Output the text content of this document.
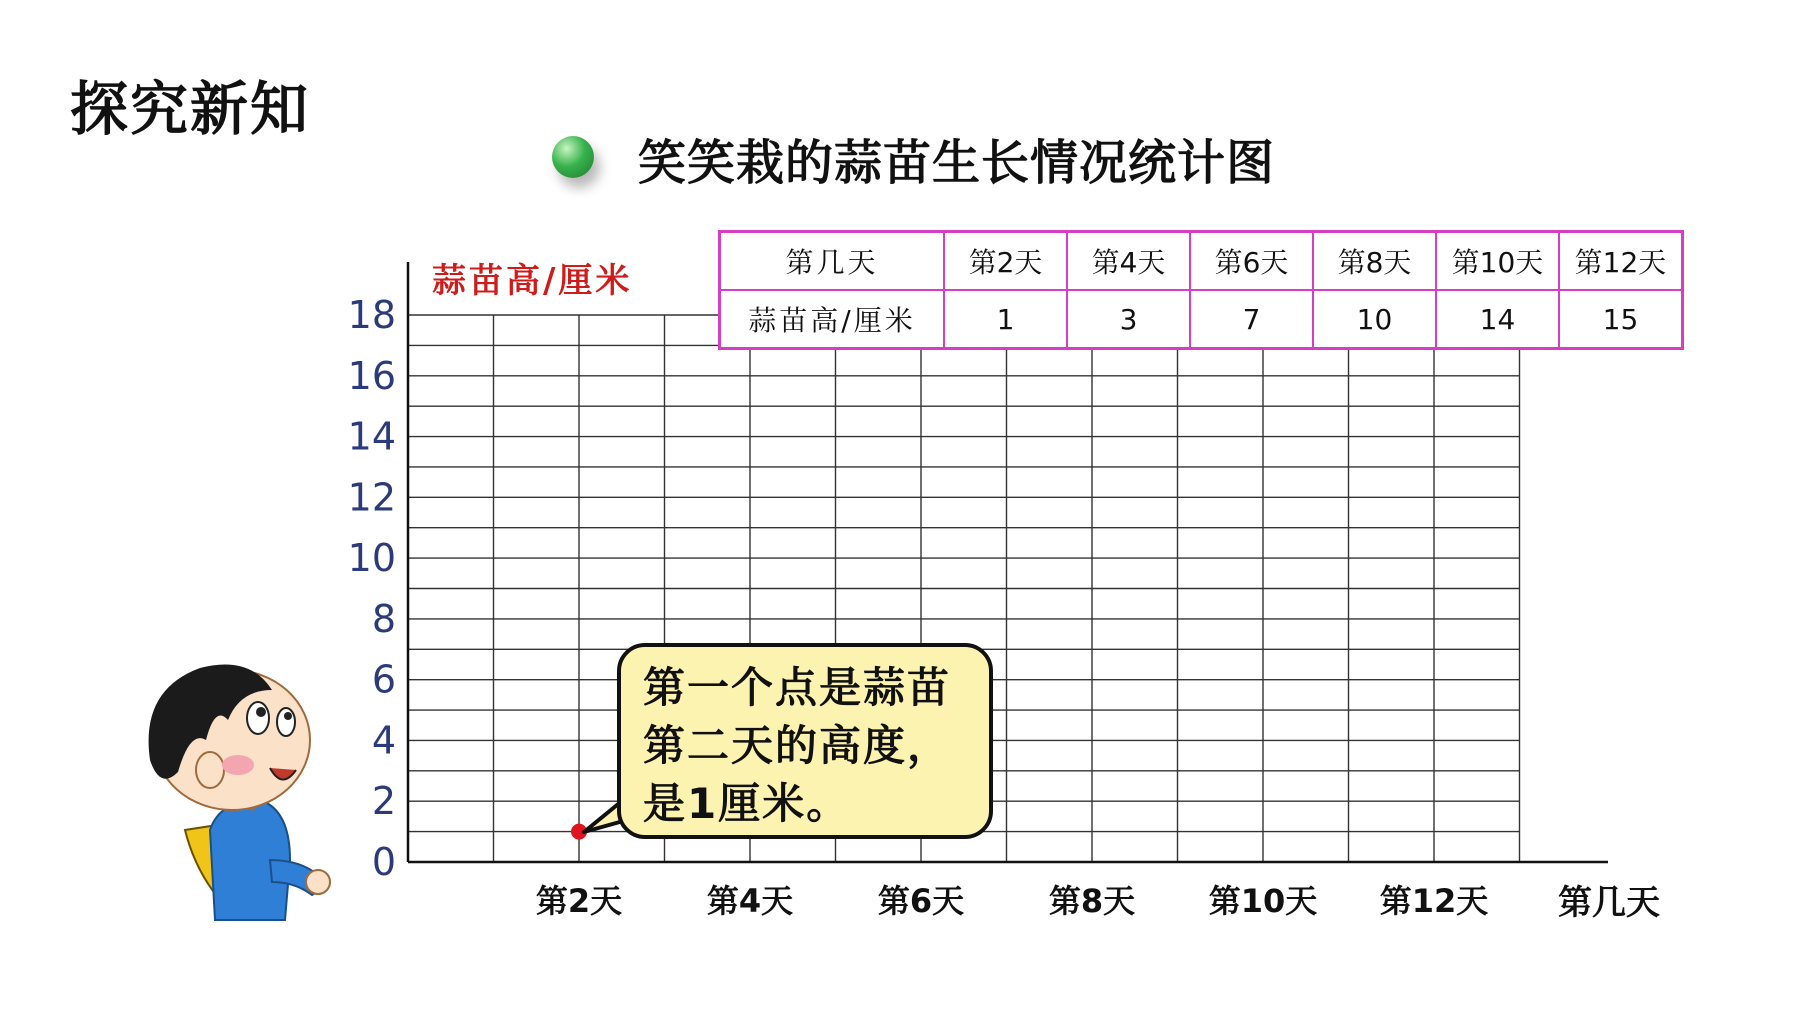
探究新知
笑笑栽的蒜苗生长情况统计图
0
2
4
6
8
10
12
14
16
18
第2天	第4天	第6天	第8天 第10天 第12天
蒜苗高/厘米
第几天
第几天	第2天	第4天	第6天	第8天	第10天	第12天
蒜苗高/厘米	1	3	7	10	14	15
第一个点是蒜苗
第二天的高度，
是1厘米。
